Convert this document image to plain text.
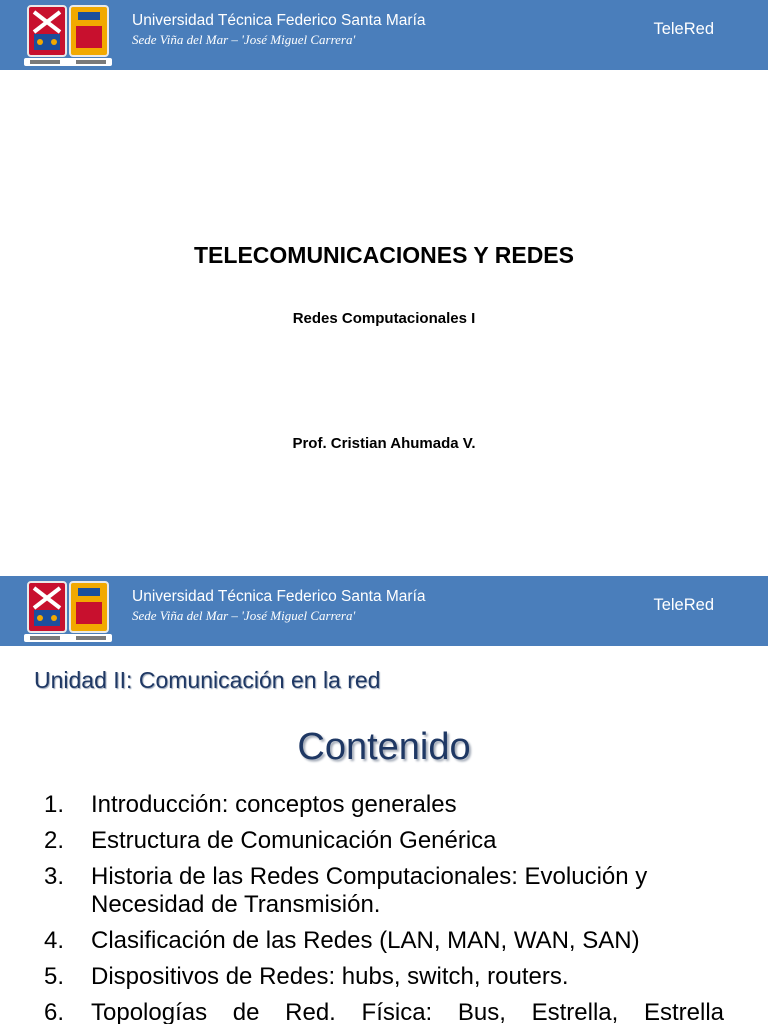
Universidad Técnica Federico Santa María
Sede Viña del Mar – 'José Miguel Carrera'
TeleRed
TELECOMUNICACIONES Y REDES
Redes Computacionales I
Prof. Cristian Ahumada V.
Universidad Técnica Federico Santa María
Sede Viña del Mar – 'José Miguel Carrera'
TeleRed
Unidad II: Comunicación en la red
Contenido
1.	Introducción: conceptos generales
2.	Estructura de Comunicación Genérica
3.	Historia de las Redes Computacionales: Evolución y Necesidad de Transmisión.
4.	Clasificación de las Redes (LAN, MAN, WAN, SAN)
5.	Dispositivos de Redes: hubs, switch, routers.
6.	Topologías de Red. Física: Bus, Estrella, Estrella
